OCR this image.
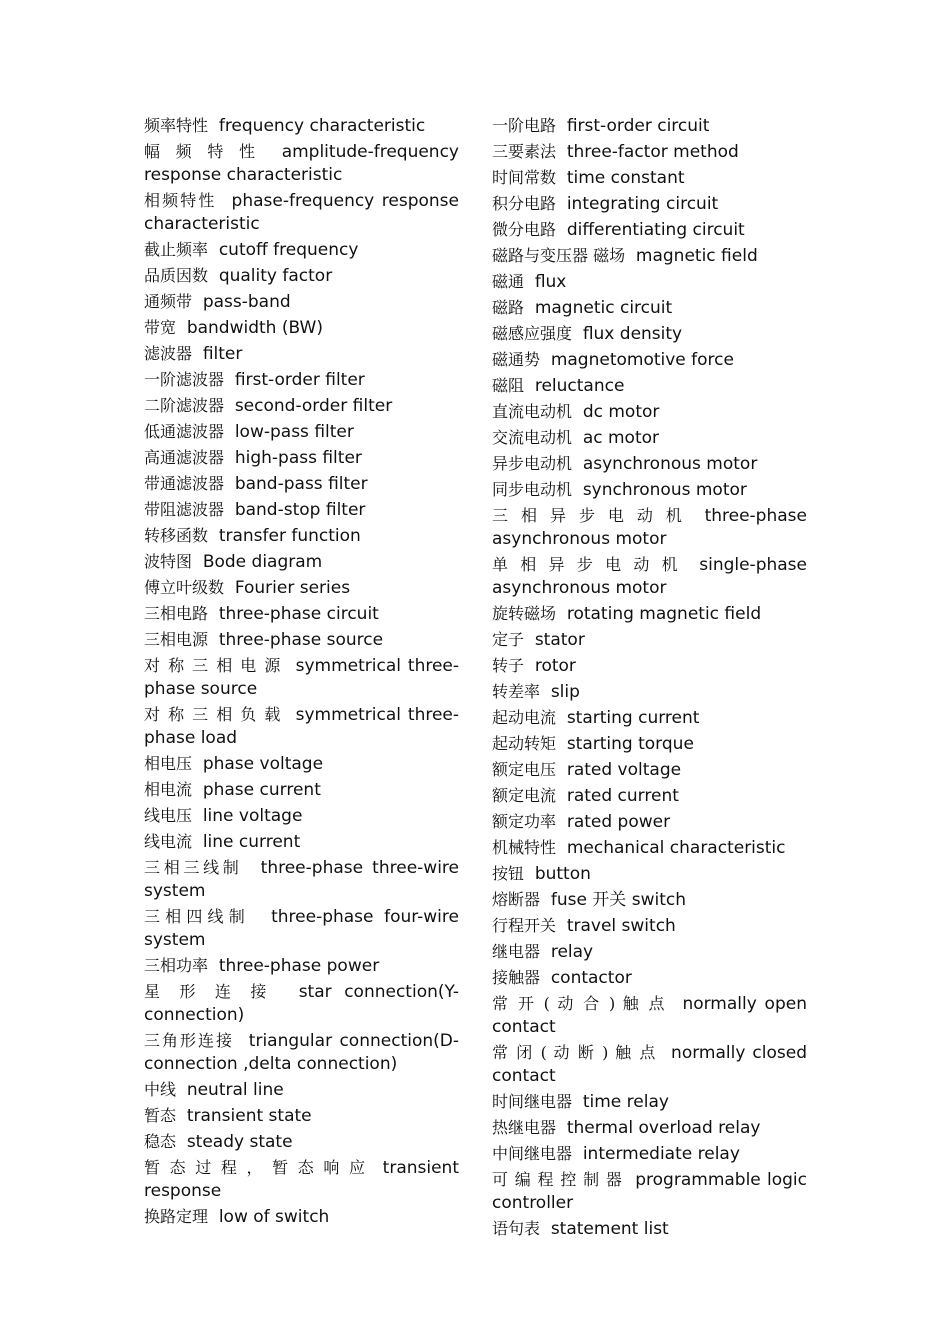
频率特性 frequency characteristic
幅 频 特 性 amplitude-frequency response characteristic
相频特性 phase-frequency response characteristic
截止频率 cutoff frequency
品质因数 quality factor
通频带 pass-band
带宽 bandwidth (BW)
滤波器 filter
一阶滤波器 first-order filter
二阶滤波器 second-order filter
低通滤波器 low-pass filter
高通滤波器 high-pass filter
带通滤波器 band-pass filter
带阻滤波器 band-stop filter
转移函数 transfer function
波特图 Bode diagram
傅立叶级数 Fourier series
三相电路 three-phase circuit
三相电源 three-phase source
对 称 三 相 电 源 symmetrical three-phase source
对 称 三 相 负 载 symmetrical three-phase load
相电压 phase voltage
相电流 phase current
线电压 line voltage
线电流 line current
三相三线制 three-phase three-wire system
三相四线制 three-phase four-wire system
三相功率 three-phase power
星 形 连 接 star connection(Y-connection)
三角形连接 triangular connection(D-connection ,delta connection)
中线 neutral line
暂态 transient state
稳态 steady state
暂 态 过 程 ， 暂 态 响 应 transient response
换路定理 low of switch
一阶电路 first-order circuit
三要素法 three-factor method
时间常数 time constant
积分电路 integrating circuit
微分电路 differentiating circuit
磁路与变压器 磁场 magnetic field
磁通 flux
磁路 magnetic circuit
磁感应强度 flux density
磁通势 magnetomotive force
磁阻 reluctance
直流电动机 dc motor
交流电动机 ac motor
异步电动机 asynchronous motor
同步电动机 synchronous motor
三 相 异 步 电 动 机 three-phase asynchronous motor
单 相 异 步 电 动 机 single-phase asynchronous motor
旋转磁场 rotating magnetic field
定子 stator
转子 rotor
转差率 slip
起动电流 starting current
起动转矩 starting torque
额定电压 rated voltage
额定电流 rated current
额定功率 rated power
机械特性 mechanical characteristic
按钮 button
熔断器 fuse 开关 switch
行程开关 travel switch
继电器 relay
接触器 contactor
常 开 ( 动 合 ) 触 点 normally open contact
常 闭 ( 动 断 ) 触 点 normally closed contact
时间继电器 time relay
热继电器 thermal overload relay
中间继电器 intermediate relay
可 编 程 控 制 器 programmable logic controller
语句表 statement list
